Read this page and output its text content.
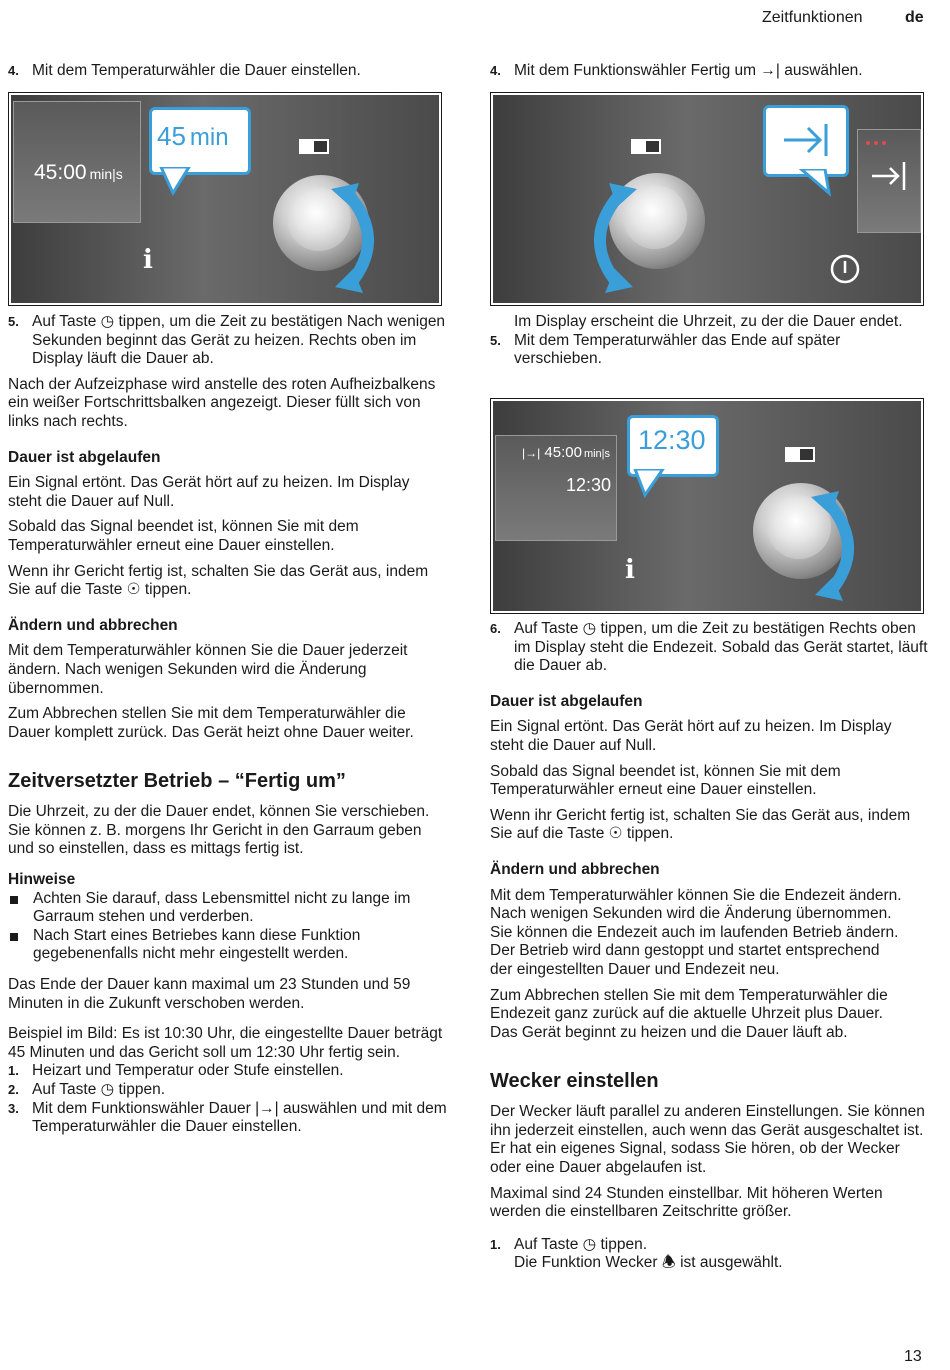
Zeitfunktionen	de
4. Mit dem Temperaturwähler die Dauer einstellen.
45:00 min|s
45 min
i
5. Auf Taste ◷ tippen, um die Zeit zu bestätigen Nach wenigen Sekunden beginnt das Gerät zu heizen. Rechts oben im Display läuft die Dauer ab.

Nach der Aufzeizphase wird anstelle des roten Aufheizbalkens ein weißer Fortschrittsbalken angezeigt. Dieser füllt sich von links nach rechts.

Dauer ist abgelaufen

Ein Signal ertönt. Das Gerät hört auf zu heizen. Im Display steht die Dauer auf Null.

Sobald das Signal beendet ist, können Sie mit dem Temperaturwähler erneut eine Dauer einstellen.

Wenn ihr Gericht fertig ist, schalten Sie das Gerät aus, indem Sie auf die Taste ☉ tippen.

Ändern und abbrechen

Mit dem Temperaturwähler können Sie die Dauer jederzeit ändern. Nach wenigen Sekunden wird die Änderung übernommen.

Zum Abbrechen stellen Sie mit dem Temperaturwähler die Dauer komplett zurück. Das Gerät heizt ohne Dauer weiter.

Zeitversetzter Betrieb – “Fertig um”

Die Uhrzeit, zu der die Dauer endet, können Sie verschieben. Sie können z. B. morgens Ihr Gericht in den Garraum geben und so einstellen, dass es mittags fertig ist.

Hinweise

Achten Sie darauf, dass Lebensmittel nicht zu lange im Garraum stehen und verderben.
Nach Start eines Betriebes kann diese Funktion gegebenenfalls nicht mehr eingestellt werden.

Das Ende der Dauer kann maximal um 23 Stunden und 59 Minuten in die Zukunft verschoben werden.

Beispiel im Bild: Es ist 10:30 Uhr, die eingestellte Dauer beträgt 45 Minuten und das Gericht soll um 12:30 Uhr fertig sein.

1. Heizart und Temperatur oder Stufe einstellen.
2. Auf Taste ◷ tippen.
3. Mit dem Funktionswähler Dauer |→| auswählen und mit dem Temperaturwähler die Dauer einstellen.
4. Mit dem Funktionswähler Fertig um →| auswählen.

Im Display erscheint die Uhrzeit, zu der die Dauer endet.

5. Mit dem Temperaturwähler das Ende auf später verschieben.
|→| 45:00 min|s
12:30
12:30
i
6. Auf Taste ◷ tippen, um die Zeit zu bestätigen Rechts oben im Display steht die Endezeit. Sobald das Gerät startet, läuft die Dauer ab.

Dauer ist abgelaufen

Ein Signal ertönt. Das Gerät hört auf zu heizen. Im Display steht die Dauer auf Null.

Sobald das Signal beendet ist, können Sie mit dem Temperaturwähler erneut eine Dauer einstellen.

Wenn ihr Gericht fertig ist, schalten Sie das Gerät aus, indem Sie auf die Taste ☉ tippen.

Ändern und abbrechen

Mit dem Temperaturwähler können Sie die Endezeit ändern. Nach wenigen Sekunden wird die Änderung übernommen. Sie können die Endezeit auch im laufenden Betrieb ändern. Der Betrieb wird dann gestoppt und startet entsprechend der eingestellten Dauer und Endezeit neu.

Zum Abbrechen stellen Sie mit dem Temperaturwähler die Endezeit ganz zurück auf die aktuelle Uhrzeit plus Dauer. Das Gerät beginnt zu heizen und die Dauer läuft ab.

Wecker einstellen

Der Wecker läuft parallel zu anderen Einstellungen. Sie können ihn jederzeit einstellen, auch wenn das Gerät ausgeschaltet ist. Er hat ein eigenes Signal, sodass Sie hören, ob der Wecker oder eine Dauer abgelaufen ist.

Maximal sind 24 Stunden einstellbar. Mit höheren Werten werden die einstellbaren Zeitschritte größer.

1. Auf Taste ◷ tippen.
Die Funktion Wecker 🕭 ist ausgewählt.
13
